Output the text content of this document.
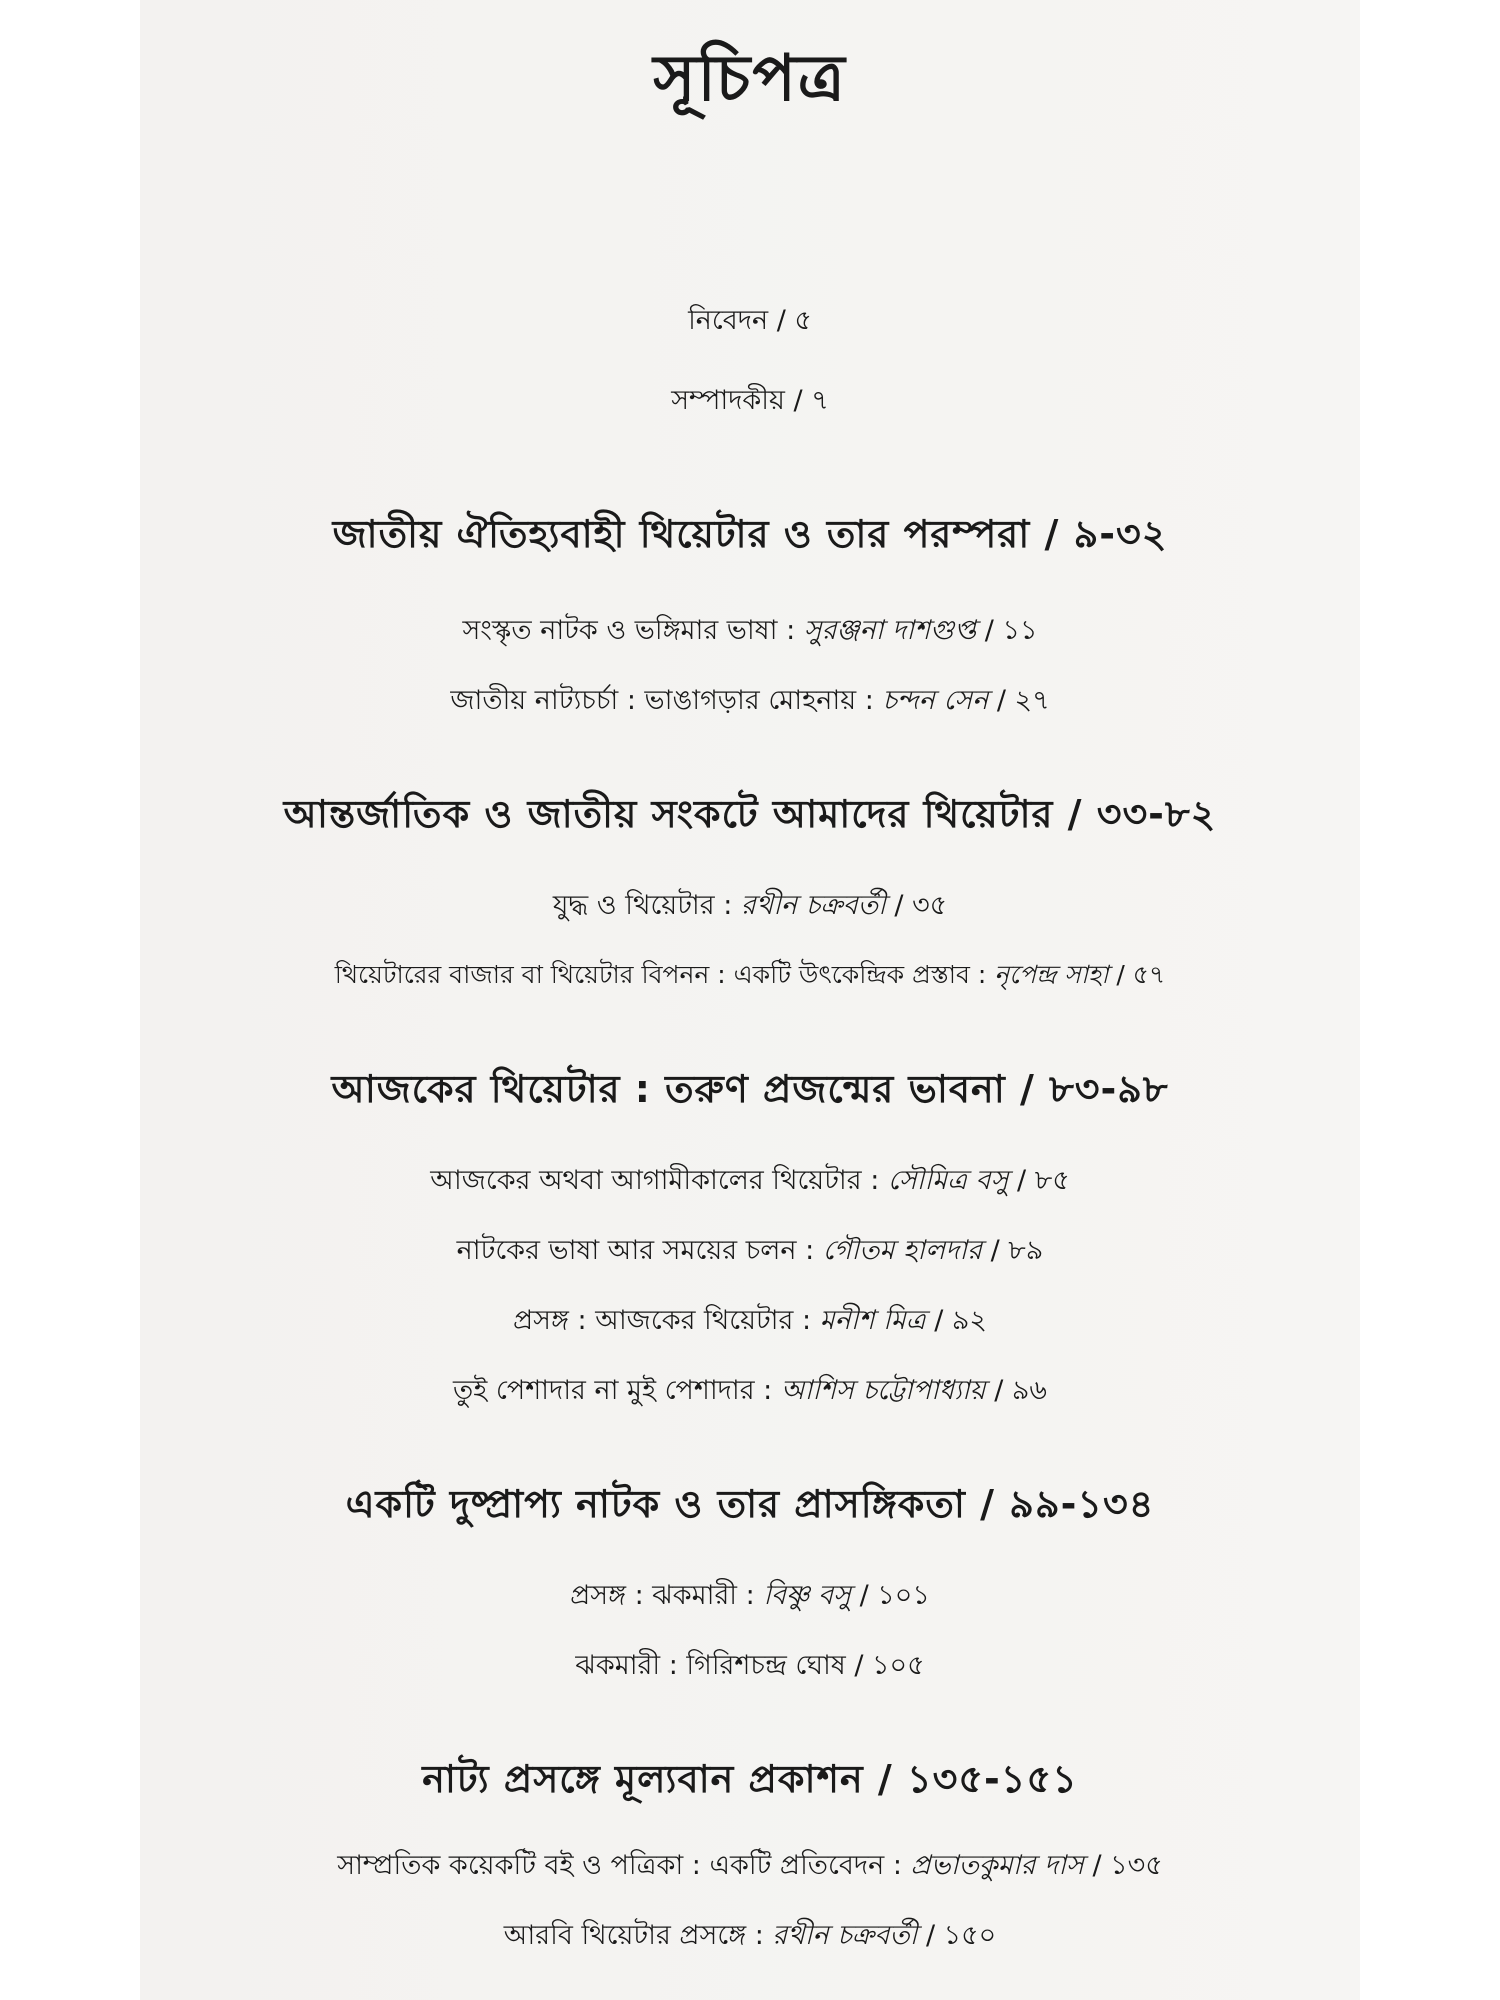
সূচিপত্র
নিবেদন / ৫
সম্পাদকীয় / ৭
জাতীয় ঐতিহ্যবাহী থিয়েটার ও তার পরম্পরা / ৯-৩২
সংস্কৃত নাটক ও ভঙ্গিমার ভাষা : সুরঞ্জনা দাশগুপ্ত / ১১
জাতীয় নাট্যচর্চা : ভাঙাগড়ার মোহনায় : চন্দন সেন / ২৭
আন্তর্জাতিক ও জাতীয় সংকটে আমাদের থিয়েটার / ৩৩-৮২
যুদ্ধ ও থিয়েটার : রথীন চক্রবর্তী / ৩৫
থিয়েটারের বাজার বা থিয়েটার বিপনন : একটি উৎকেন্দ্রিক প্রস্তাব : নৃপেন্দ্র সাহা / ৫৭
আজকের থিয়েটার : তরুণ প্রজন্মের ভাবনা / ৮৩-৯৮
আজকের অথবা আগামীকালের থিয়েটার : সৌমিত্র বসু / ৮৫
নাটকের ভাষা আর সময়ের চলন : গৌতম হালদার / ৮৯
প্রসঙ্গ : আজকের থিয়েটার : মনীশ মিত্র / ৯২
তুই পেশাদার না মুই পেশাদার : আশিস চট্টোপাধ্যায় / ৯৬
একটি দুষ্প্রাপ্য নাটক ও তার প্রাসঙ্গিকতা / ৯৯-১৩৪
প্রসঙ্গ : ঝকমারী : বিষ্ণু বসু / ১০১
ঝকমারী : গিরিশচন্দ্র ঘোষ / ১০৫
নাট্য প্রসঙ্গে মূল্যবান প্রকাশন / ১৩৫-১৫১
সাম্প্রতিক কয়েকটি বই ও পত্রিকা : একটি প্রতিবেদন : প্রভাতকুমার দাস / ১৩৫
আরবি থিয়েটার প্রসঙ্গে : রথীন চক্রবর্তী / ১৫০
